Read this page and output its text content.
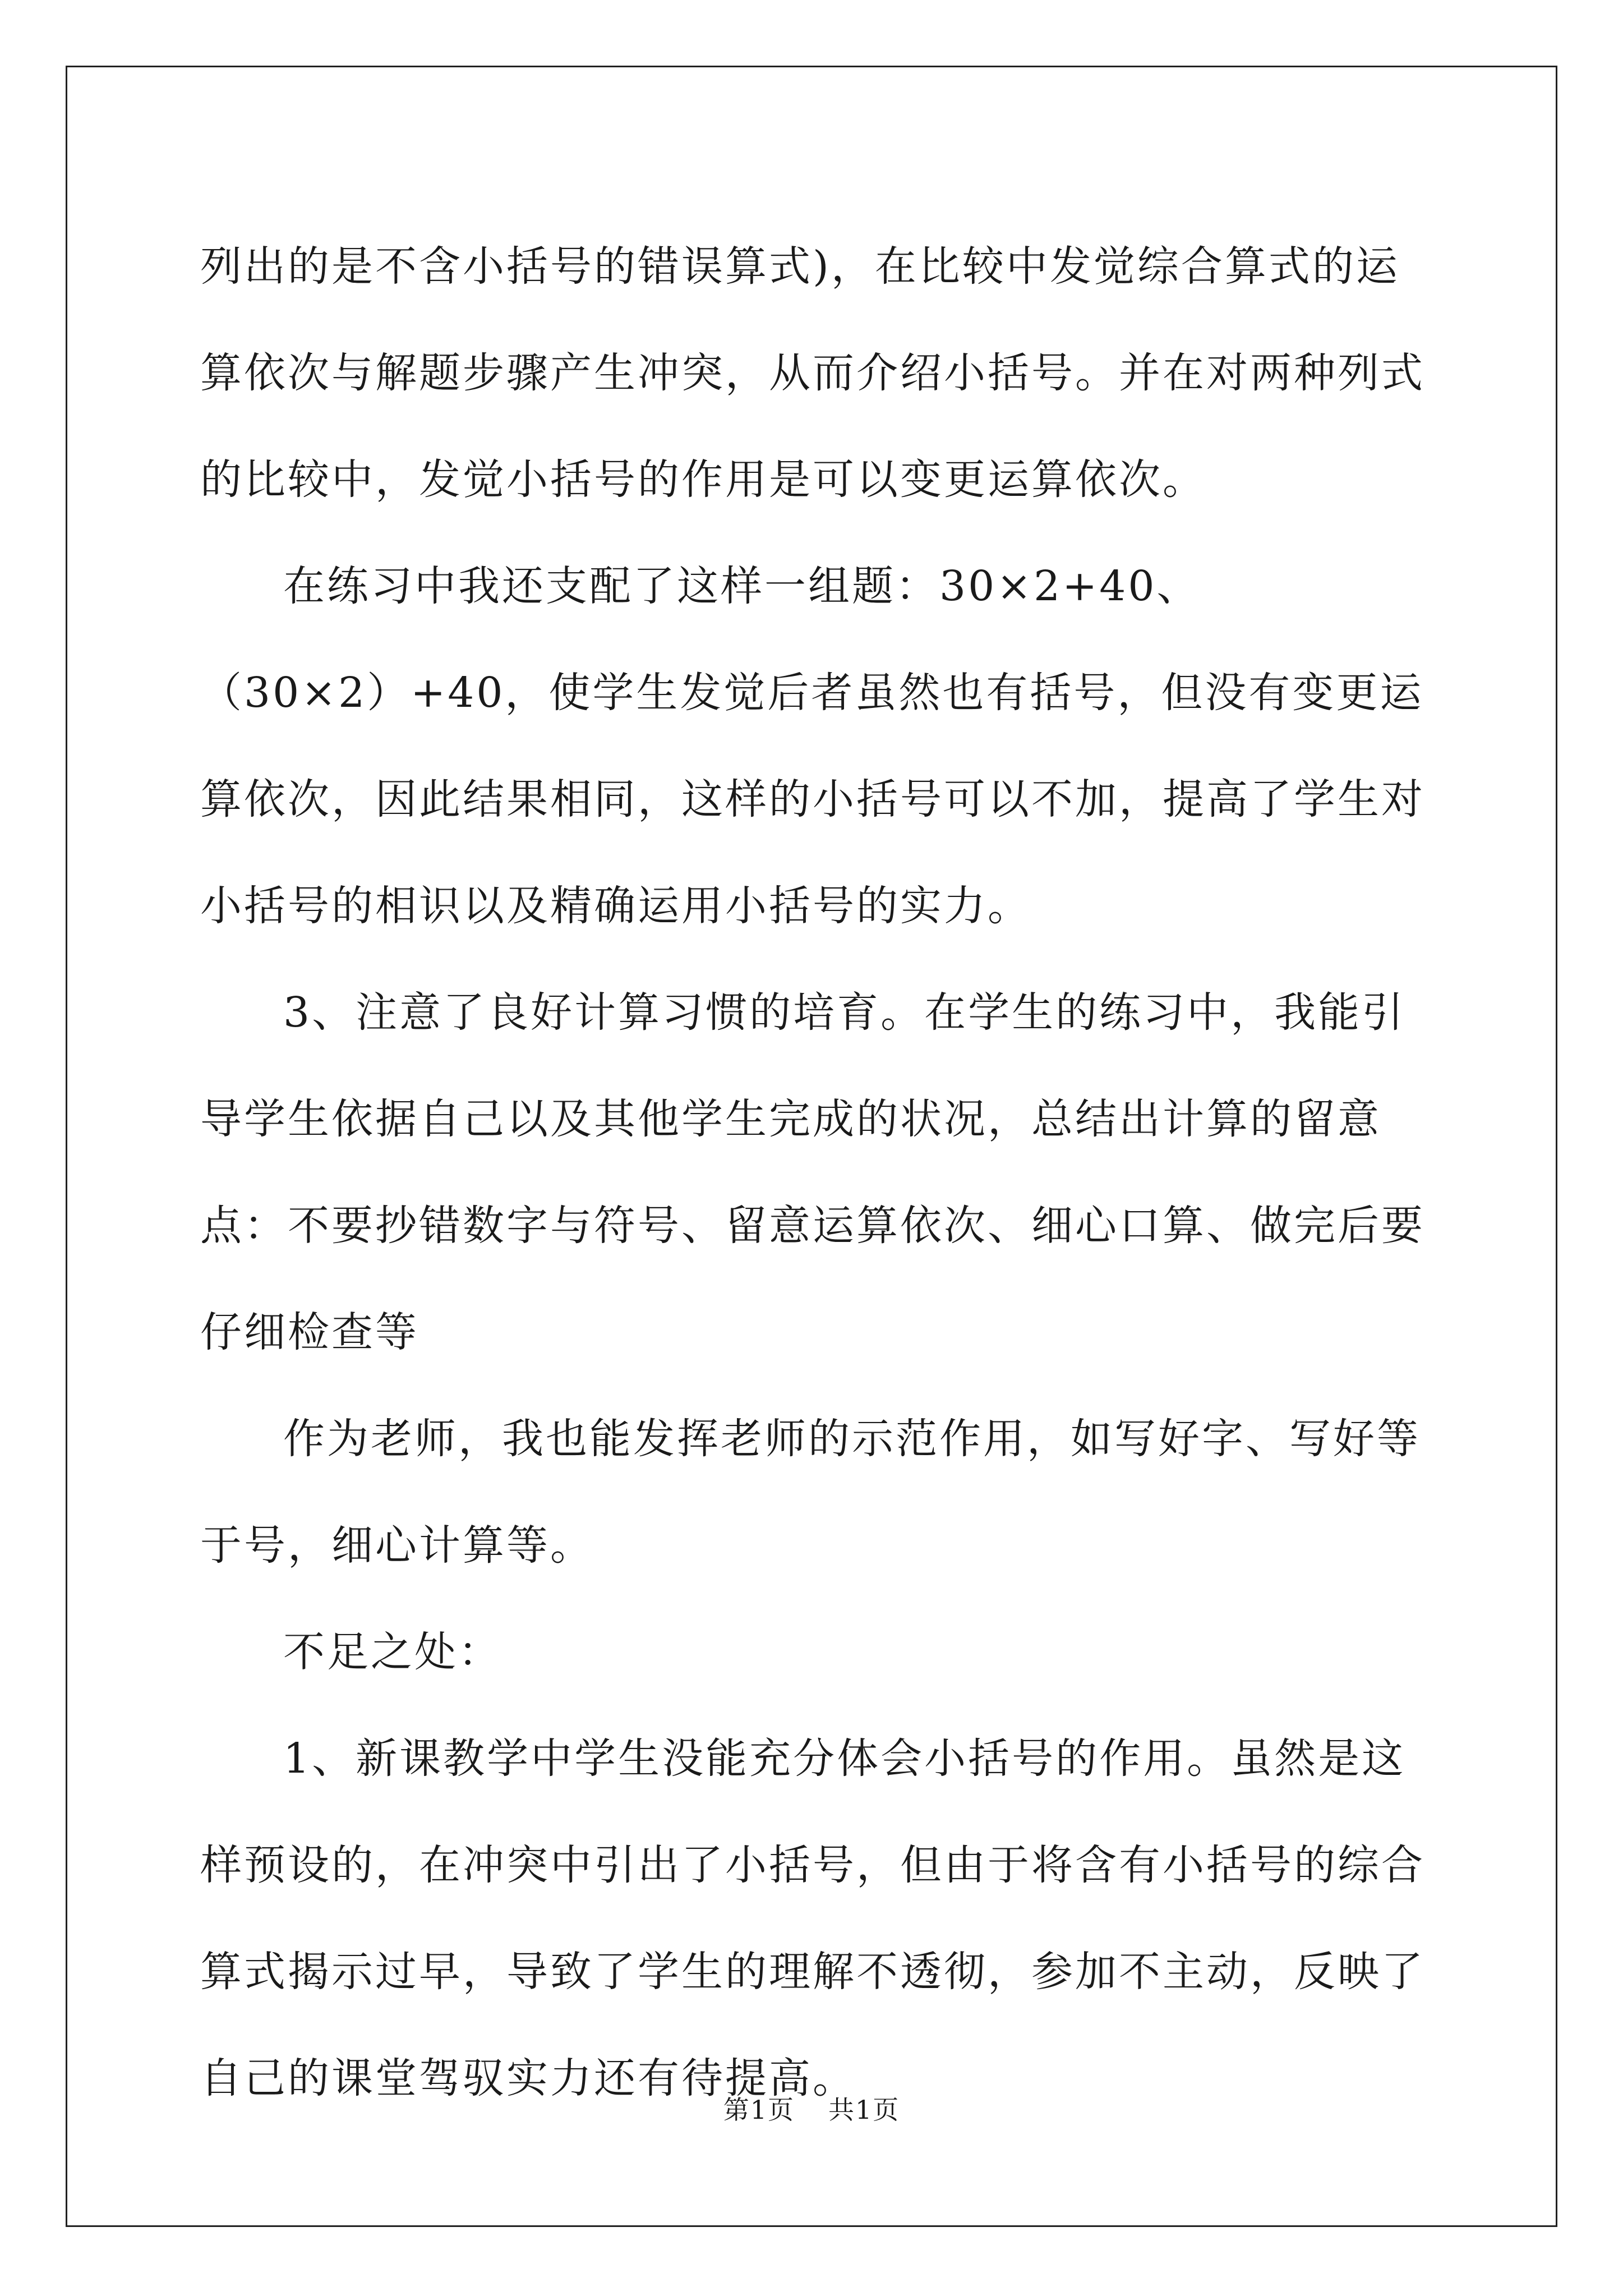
列出的是不含小括号的错误算式)，在比较中发觉综合算式的运算依次与解题步骤产生冲突，从而介绍小括号。并在对两种列式的比较中，发觉小括号的作用是可以变更运算依次。

在练习中我还支配了这样一组题：30×2+40、（30×2）+40，使学生发觉后者虽然也有括号，但没有变更运算依次，因此结果相同，这样的小括号可以不加，提高了学生对小括号的相识以及精确运用小括号的实力。

3、注意了良好计算习惯的培育。在学生的练习中，我能引导学生依据自己以及其他学生完成的状况，总结出计算的留意点：不要抄错数字与符号、留意运算依次、细心口算、做完后要仔细检查等

作为老师，我也能发挥老师的示范作用，如写好字、写好等于号，细心计算等。

不足之处：

1、新课教学中学生没能充分体会小括号的作用。虽然是这样预设的，在冲突中引出了小括号，但由于将含有小括号的综合算式揭示过早，导致了学生的理解不透彻，参加不主动，反映了自己的课堂驾驭实力还有待提高。

第1页 共1页
